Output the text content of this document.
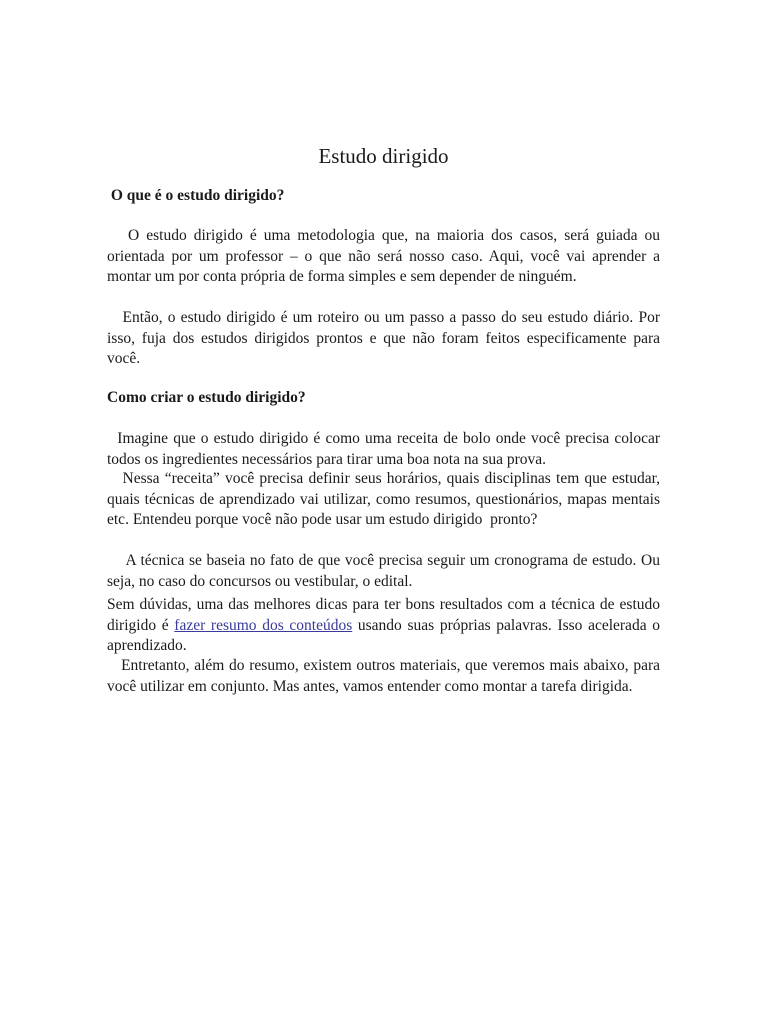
Estudo dirigido

O que é o estudo dirigido?

O estudo dirigido é uma metodologia que, na maioria dos casos, será guiada ou orientada por um professor – o que não será nosso caso. Aqui, você vai aprender a montar um por conta própria de forma simples e sem depender de ninguém.

Então, o estudo dirigido é um roteiro ou um passo a passo do seu estudo diário. Por isso, fuja dos estudos dirigidos prontos e que não foram feitos especificamente para você.

Como criar o estudo dirigido?

Imagine que o estudo dirigido é como uma receita de bolo onde você precisa colocar todos os ingredientes necessários para tirar uma boa nota na sua prova.

Nessa “receita” você precisa definir seus horários, quais disciplinas tem que estudar, quais técnicas de aprendizado vai utilizar, como resumos, questionários, mapas mentais etc. Entendeu porque você não pode usar um estudo dirigido  pronto?

A técnica se baseia no fato de que você precisa seguir um cronograma de estudo. Ou seja, no caso do concursos ou vestibular, o edital.

Sem dúvidas, uma das melhores dicas para ter bons resultados com a técnica de estudo dirigido é fazer resumo dos conteúdos usando suas próprias palavras. Isso acelerada o aprendizado.

Entretanto, além do resumo, existem outros materiais, que veremos mais abaixo, para você utilizar em conjunto. Mas antes, vamos entender como montar a tarefa dirigida.
